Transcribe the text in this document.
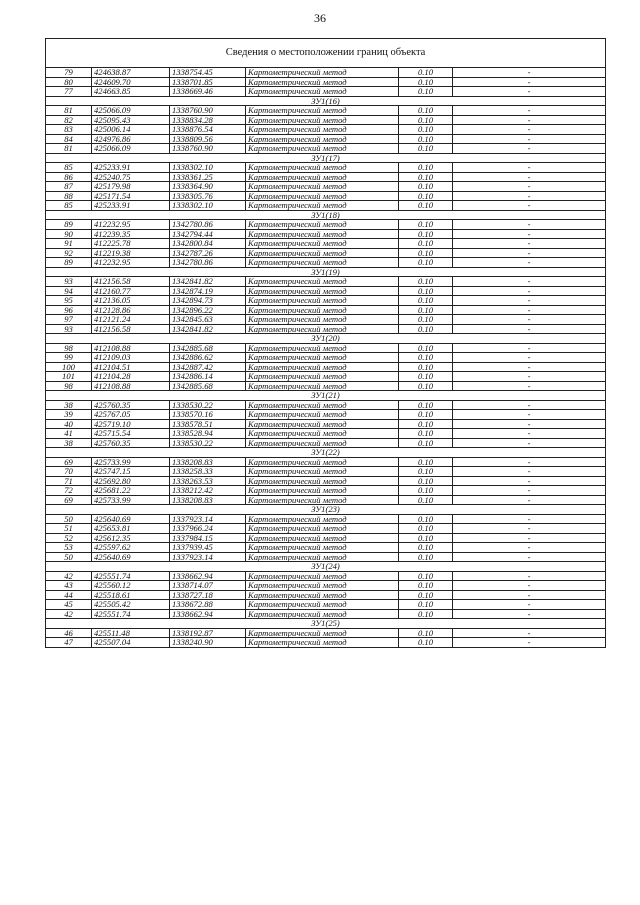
36
Сведения о местоположении границ объекта					
79	424638.87	1338754.45	Картометрический метод	0.10	-
80	424609.70	1338701.85	Картометрический метод	0.10	-
77	424663.85	1338669.46	Картометрический метод	0.10	-
ЗУ1(16)					
81	425066.09	1338760.90	Картометрический метод	0.10	-
82	425095.43	1338834.28	Картометрический метод	0.10	-
83	425006.14	1338876.54	Картометрический метод	0.10	-
84	424976.86	1338809.56	Картометрический метод	0.10	-
81	425066.09	1338760.90	Картометрический метод	0.10	-
ЗУ1(17)					
85	425233.91	1338302.10	Картометрический метод	0.10	-
86	425240.75	1338361.25	Картометрический метод	0.10	-
87	425179.98	1338364.90	Картометрический метод	0.10	-
88	425171.54	1338305.76	Картометрический метод	0.10	-
85	425233.91	1338302.10	Картометрический метод	0.10	-
ЗУ1(18)					
89	412232.95	1342780.86	Картометрический метод	0.10	-
90	412239.35	1342794.44	Картометрический метод	0.10	-
91	412225.78	1342800.84	Картометрический метод	0.10	-
92	412219.38	1342787.26	Картометрический метод	0.10	-
89	412232.95	1342780.86	Картометрический метод	0.10	-
ЗУ1(19)					
93	412156.58	1342841.82	Картометрический метод	0.10	-
94	412160.77	1342874.19	Картометрический метод	0.10	-
95	412136.05	1342894.73	Картометрический метод	0.10	-
96	412128.86	1342896.22	Картометрический метод	0.10	-
97	412121.24	1342845.63	Картометрический метод	0.10	-
93	412156.58	1342841.82	Картометрический метод	0.10	-
ЗУ1(20)					
98	412108.88	1342885.68	Картометрический метод	0.10	-
99	412109.03	1342886.62	Картометрический метод	0.10	-
100	412104.51	1342887.42	Картометрический метод	0.10	-
101	412104.28	1342886.14	Картометрический метод	0.10	-
98	412108.88	1342885.68	Картометрический метод	0.10	-
ЗУ1(21)					
38	425760.35	1338530.22	Картометрический метод	0.10	-
39	425767.05	1338570.16	Картометрический метод	0.10	-
40	425719.10	1338578.51	Картометрический метод	0.10	-
41	425715.54	1338528.94	Картометрический метод	0.10	-
38	425760.35	1338530.22	Картометрический метод	0.10	-
ЗУ1(22)					
69	425733.99	1338208.83	Картометрический метод	0.10	-
70	425747.15	1338258.33	Картометрический метод	0.10	-
71	425692.80	1338263.53	Картометрический метод	0.10	-
72	425681.22	1338212.42	Картометрический метод	0.10	-
69	425733.99	1338208.83	Картометрический метод	0.10	-
ЗУ1(23)					
50	425640.69	1337923.14	Картометрический метод	0.10	-
51	425653.81	1337966.24	Картометрический метод	0.10	-
52	425612.35	1337984.15	Картометрический метод	0.10	-
53	425597.62	1337939.45	Картометрический метод	0.10	-
50	425640.69	1337923.14	Картометрический метод	0.10	-
ЗУ1(24)					
42	425551.74	1338662.94	Картометрический метод	0.10	-
43	425560.12	1338714.07	Картометрический метод	0.10	-
44	425518.61	1338727.18	Картометрический метод	0.10	-
45	425505.42	1338672.88	Картометрический метод	0.10	-
42	425551.74	1338662.94	Картометрический метод	0.10	-
ЗУ1(25)					
46	425511.48	1338192.87	Картометрический метод	0.10	-
47	425507.04	1338240.90	Картометрический метод	0.10	-
